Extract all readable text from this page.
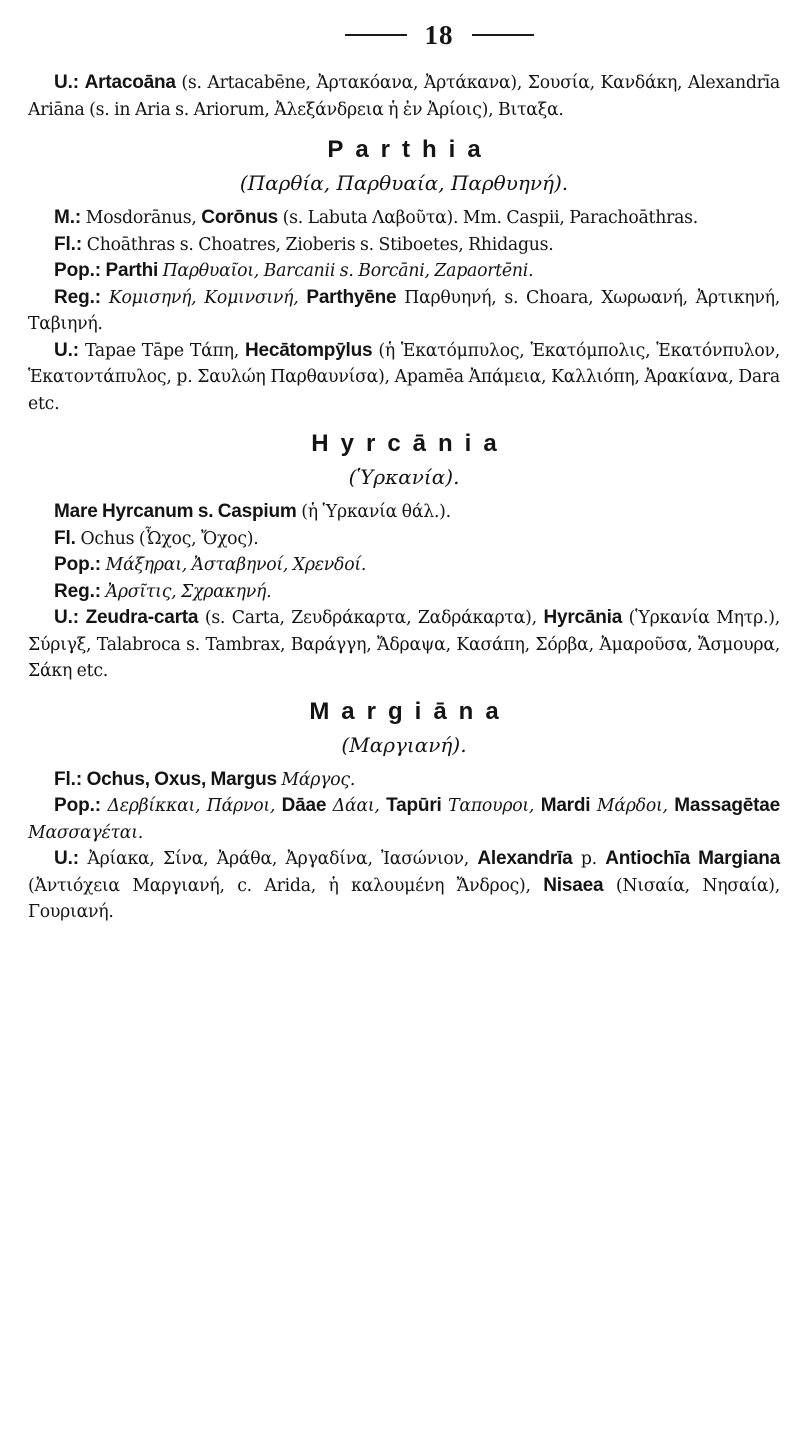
18

U.: Artacoāna (s. Artacabēne, Ἀρτακόανα, Ἀρτάκανα), Σουσία, Κανδάκη, Alexandrīa Ariāna (s. in Aria s. Ariorum, Ἀλεξάνδρεια ἡ ἐν Ἀρίοις), Βιταξα.

Parthia
(Παρθία, Παρθυαία, Παρθυηνή).

M.: Mosdorānus, Corōnus (s. Labuta Λαβοῦτα). Mm. Caspii, Parachoāthras.

Fl.: Choāthras s. Choatres, Zioberis s. Stiboetes, Rhidagus.

Pop.: Parthi Παρθυαῖοι, Barcanii s. Borcāni, Zapaortēni.

Reg.: Κομισηνή, Κομινσινή, Parthyēne Παρθυηνή, s. Choara, Χωρωανή, Ἀρτικηνή, Ταβιηνή.

U.: Tapae Tāpe Τάπη, Hecātompȳlus (ἡ Ἑκατόμπυλος, Ἑκατόμπολις, Ἑκατόνπυλον, Ἑκατοντάπυλος, p. Σαυλώη Παρθαυνίσα), Apamēa Ἀπάμεια, Καλλιόπη, Ἀρακίανα, Dara etc.

Hyrcānia
(Ὑρκανία).

Mare Hyrcanum s. Caspium (ἡ Ὑρκανία θάλ.).

Fl. Ochus (Ὦχος, Ὄχος).

Pop.: Μάξηραι, Ἀσταβηνοί, Χρενδοί.

Reg.: Ἀρσῖτις, Σχρακηνή.

U.: Zeudra-carta (s. Carta, Ζευδράκαρτα, Ζαδράκαρτα), Hyrcānia (Ὑρκανία Μητρ.), Σύριγξ, Talabroca s. Tambrax, Βαράγγη, Ἄδραψα, Κασάπη, Σόρβα, Ἀμαροῦσα, Ἄσμουρα, Σάκη etc.

Margiāna
(Μαργιανή).

Fl.: Ochus, Oxus, Margus Μάργος.

Pop.: Δερβίκκαι, Πάρνοι, Dāae Δάαι, Tapūri Ταπουροι, Mardi Μάρδοι, Massagētae Μασσαγέται.

U.: Ἀρίακα, Σίνα, Ἀράθα, Ἀργαδίνα, Ἰασώνιον, Alexandrīa p. Antiochīa Margiana (Ἀντιόχεια Μαργιανή, c. Arida, ἡ καλουμένη Ἄνδρος), Nisaea (Νισαία, Νησαία), Γουριανή.
